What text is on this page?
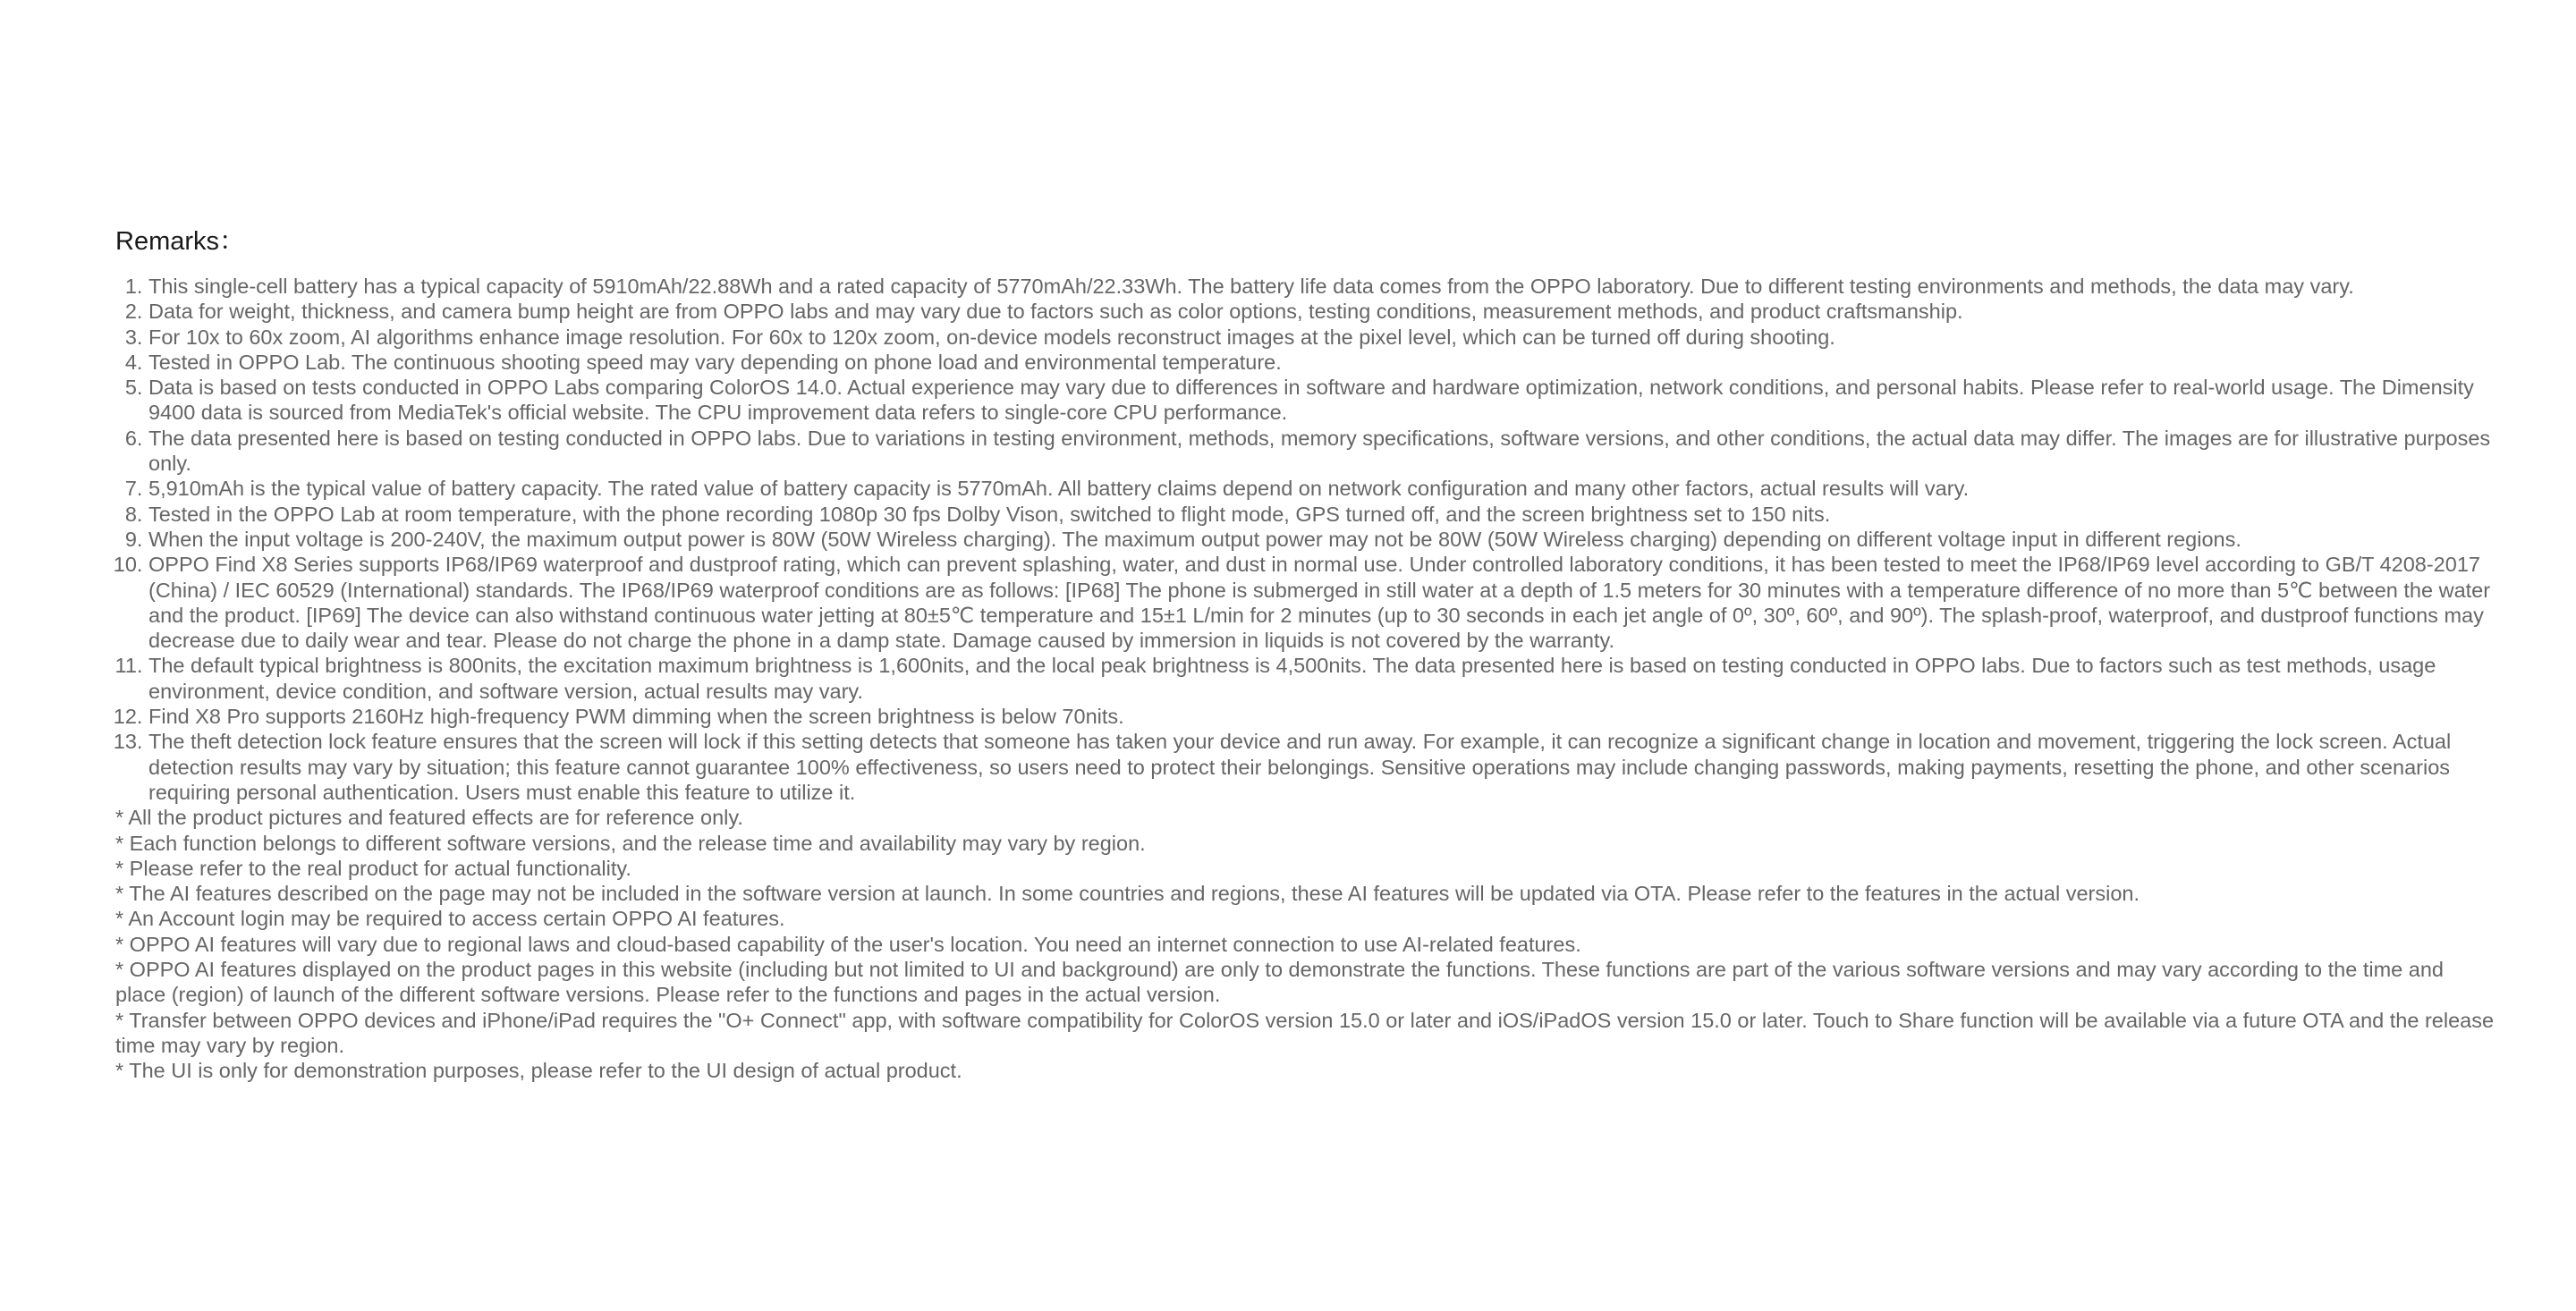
Remarks：
1. This single-cell battery has a typical capacity of 5910mAh/22.88Wh and a rated capacity of 5770mAh/22.33Wh. The battery life data comes from the OPPO laboratory. Due to different testing environments and methods, the data may vary.
2. Data for weight, thickness, and camera bump height are from OPPO labs and may vary due to factors such as color options, testing conditions, measurement methods, and product craftsmanship.
3. For 10x to 60x zoom, AI algorithms enhance image resolution. For 60x to 120x zoom, on-device models reconstruct images at the pixel level, which can be turned off during shooting.
4. Tested in OPPO Lab. The continuous shooting speed may vary depending on phone load and environmental temperature.
5. Data is based on tests conducted in OPPO Labs comparing ColorOS 14.0. Actual experience may vary due to differences in software and hardware optimization, network conditions, and personal habits. Please refer to real-world usage. The Dimensity 9400 data is sourced from MediaTek's official website. The CPU improvement data refers to single-core CPU performance.
6. The data presented here is based on testing conducted in OPPO labs. Due to variations in testing environment, methods, memory specifications, software versions, and other conditions, the actual data may differ. The images are for illustrative purposes only.
7. 5,910mAh is the typical value of battery capacity. The rated value of battery capacity is 5770mAh. All battery claims depend on network configuration and many other factors, actual results will vary.
8. Tested in the OPPO Lab at room temperature, with the phone recording 1080p 30 fps Dolby Vison, switched to flight mode, GPS turned off, and the screen brightness set to 150 nits.
9. When the input voltage is 200-240V, the maximum output power is 80W (50W Wireless charging). The maximum output power may not be 80W (50W Wireless charging) depending on different voltage input in different regions.
10. OPPO Find X8 Series supports IP68/IP69 waterproof and dustproof rating, which can prevent splashing, water, and dust in normal use. Under controlled laboratory conditions, it has been tested to meet the IP68/IP69 level according to GB/T 4208-2017 (China) / IEC 60529 (International) standards. The IP68/IP69 waterproof conditions are as follows: [IP68] The phone is submerged in still water at a depth of 1.5 meters for 30 minutes with a temperature difference of no more than 5℃ between the water and the product. [IP69] The device can also withstand continuous water jetting at 80±5℃ temperature and 15±1 L/min for 2 minutes (up to 30 seconds in each jet angle of 0º, 30º, 60º, and 90º). The splash-proof, waterproof, and dustproof functions may decrease due to daily wear and tear. Please do not charge the phone in a damp state. Damage caused by immersion in liquids is not covered by the warranty.
11. The default typical brightness is 800nits, the excitation maximum brightness is 1,600nits, and the local peak brightness is 4,500nits. The data presented here is based on testing conducted in OPPO labs. Due to factors such as test methods, usage environment, device condition, and software version, actual results may vary.
12. Find X8 Pro supports 2160Hz high-frequency PWM dimming when the screen brightness is below 70nits.
13. The theft detection lock feature ensures that the screen will lock if this setting detects that someone has taken your device and run away. For example, it can recognize a significant change in location and movement, triggering the lock screen. Actual detection results may vary by situation; this feature cannot guarantee 100% effectiveness, so users need to protect their belongings. Sensitive operations may include changing passwords, making payments, resetting the phone, and other scenarios requiring personal authentication. Users must enable this feature to utilize it.

* All the product pictures and featured effects are for reference only.

* Each function belongs to different software versions, and the release time and availability may vary by region.

* Please refer to the real product for actual functionality.

* The AI features described on the page may not be included in the software version at launch. In some countries and regions, these AI features will be updated via OTA. Please refer to the features in the actual version.

* An Account login may be required to access certain OPPO AI features.

* OPPO AI features will vary due to regional laws and cloud-based capability of the user's location. You need an internet connection to use AI-related features.

* OPPO AI features displayed on the product pages in this website (including but not limited to UI and background) are only to demonstrate the functions. These functions are part of the various software versions and may vary according to the time and place (region) of launch of the different software versions. Please refer to the functions and pages in the actual version.

* Transfer between OPPO devices and iPhone/iPad requires the "O+ Connect" app, with software compatibility for ColorOS version 15.0 or later and iOS/iPadOS version 15.0 or later. Touch to Share function will be available via a future OTA and the release time may vary by region.

* The UI is only for demonstration purposes, please refer to the UI design of actual product.
